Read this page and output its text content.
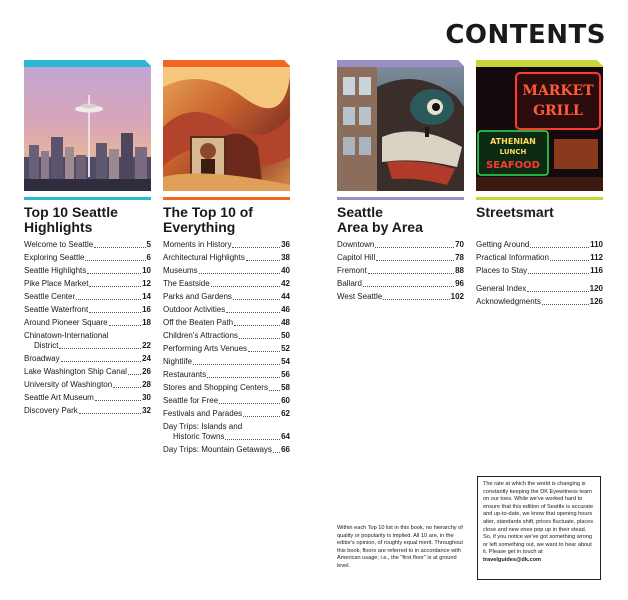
CONTENTS
Top 10 Seattle
Highlights
Welcome to Seattle	5
Exploring Seattle	6
Seattle Highlights	10
Pike Place Market	12
Seattle Center	14
Seattle Waterfront	16
Around Pioneer Square	18
Chinatown-International
District	22
Broadway	24
Lake Washington Ship Canal 26
University of Washington	28
Seattle Art Museum	30
Discovery Park	32
The Top 10 of
Everything
Moments in History	36
Architectural Highlights	38
Museums	40
The Eastside	42
Parks and Gardens	44
Outdoor Activities	46
Off the Beaten Path	48
Children's Attractions	50
Performing Arts Venues	52
Nightlife	54
Restaurants	56
Stores and Shopping Centers 58
Seattle for Free	60
Festivals and Parades	62
Day Trips: Islands and
Historic Towns	64
Day Trips: Mountain Getaways 66
Seattle
Area by Area
Downtown	70
Capitol Hill	78
Fremont	88
Ballard	96
West Seattle	102
MARKET
GRILL
ATHENIAN
LUNCH
SEAFOOD
Streetsmart
Getting Around	110
Practical Information	112
Places to Stay	116
General Index	120
Acknowledgments	126
Within each Top 10 list in this book, no hierarchy of quality or popularity is implied. All 10 are, in the editor's opinion, of roughly equal merit. Throughout this book, floors are referred to in accordance with American usage; i.e., the "first floor" is at ground level.
The rate at which the world is changing is constantly keeping the DK Eyewitness team on our toes. While we've worked hard to ensure that this edition of Seattle is accurate and up-to-date, we know that opening hours alter, standards shift, prices fluctuate, places close and new ones pop up in their stead. So, if you notice we've got something wrong or left something out, we want to hear about it. Please get in touch at travelguides@dk.com
